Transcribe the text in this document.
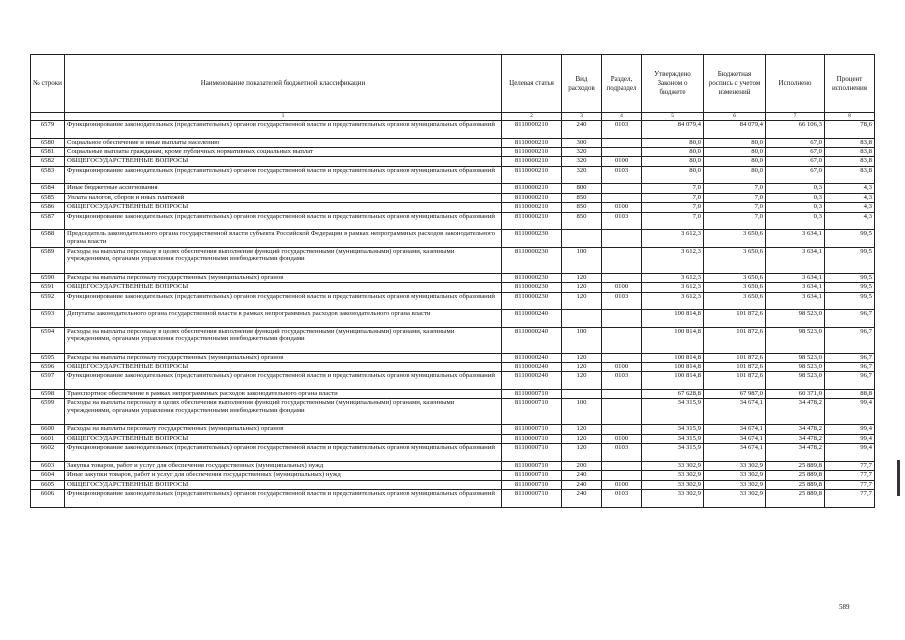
№ строки	Наименование показателей бюджетной классификации	Целевая статья	Вид расходов	Раздел, подраздел	Утверждено Законом о бюджете	Бюджетная роспись с учетом изменений	Исполнено	Процент исполнения
	1	2	3	4	5	6	7	8
6579	Функционирование законодательных (представительных) органов государственной власти и представительных органов муниципальных образований	8110000210	240	0103	84 079,4	84 079,4	66 106,3	78,6
6580	Социальное обеспечение и иные выплаты населению	8110000210	300		80,0	80,0	67,0	83,8
6581	Социальные выплаты гражданам, кроме публичных нормативных социальных выплат	8110000210	320		80,0	80,0	67,0	83,8
6582	ОБЩЕГОСУДАРСТВЕННЫЕ ВОПРОСЫ	8110000210	320	0100	80,0	80,0	67,0	83,8
6583	Функционирование законодательных (представительных) органов государственной власти и представительных органов муниципальных образований	8110000210	320	0103	80,0	80,0	67,0	83,8
6584	Иные бюджетные ассигнования	8110000210	800		7,0	7,0	0,3	4,3
6585	Уплата налогов, сборов и иных платежей	8110000210	850		7,0	7,0	0,3	4,3
6586	ОБЩЕГОСУДАРСТВЕННЫЕ ВОПРОСЫ	8110000210	850	0100	7,0	7,0	0,3	4,3
6587	Функционирование законодательных (представительных) органов государственной власти и представительных органов муниципальных образований	8110000210	850	0103	7,0	7,0	0,3	4,3
6588	Председатель законодательного органа государственной власти субъекта Российской Федерации в рамках непрограммных расходов законодательного органа власти	8110000230			3 612,3	3 650,6	3 634,1	99,5
6589	Расходы на выплаты персоналу в целях обеспечения выполнения функций государственными (муниципальными) органами, казенными учреждениями, органами управления государственными внебюджетными фондами	8110000230	100		3 612,3	3 650,6	3 634,1	99,5
6590	Расходы на выплаты персоналу государственных (муниципальных) органов	8110000230	120		3 612,3	3 650,6	3 634,1	99,5
6591	ОБЩЕГОСУДАРСТВЕННЫЕ ВОПРОСЫ	8110000230	120	0100	3 612,3	3 650,6	3 634,1	99,5
6592	Функционирование законодательных (представительных) органов государственной власти и представительных органов муниципальных образований	8110000230	120	0103	3 612,3	3 650,6	3 634,1	99,5
6593	Депутаты законодательного органа государственной власти в рамках непрограммных расходов законодательного органа власти	8110000240			100 814,8	101 872,6	98 523,0	96,7
6594	Расходы на выплаты персоналу в целях обеспечения выполнения функций государственными (муниципальными) органами, казенными учреждениями, органами управления государственными внебюджетными фондами	8110000240	100		100 814,8	101 872,6	98 523,0	96,7
6595	Расходы на выплаты персоналу государственных (муниципальных) органов	8110000240	120		100 814,8	101 872,6	98 523,0	96,7
6596	ОБЩЕГОСУДАРСТВЕННЫЕ ВОПРОСЫ	8110000240	120	0100	100 814,8	101 872,6	98 523,0	96,7
6597	Функционирование законодательных (представительных) органов государственной власти и представительных органов муниципальных образований	8110000240	120	0103	100 814,8	101 872,6	98 523,0	96,7
6598	Транспортное обеспечение в рамках непрограммных расходов законодательного органа власти	8110000710			67 628,8	67 987,0	60 371,0	88,8
6599	Расходы на выплаты персоналу в целях обеспечения выполнения функций государственными (муниципальными) органами, казенными учреждениями, органами управления государственными внебюджетными фондами	8110000710	100		34 315,9	34 674,1	34 478,2	99,4
6600	Расходы на выплаты персоналу государственных (муниципальных) органов	8110000710	120		34 315,9	34 674,1	34 478,2	99,4
6601	ОБЩЕГОСУДАРСТВЕННЫЕ ВОПРОСЫ	8110000710	120	0100	34 315,9	34 674,1	34 478,2	99,4
6602	Функционирование законодательных (представительных) органов государственной власти и представительных органов муниципальных образований	8110000710	120	0103	34 315,9	34 674,1	34 478,2	99,4
6603	Закупка товаров, работ и услуг для обеспечения государственных (муниципальных) нужд	8110000710	200		33 302,9	33 302,9	25 889,8	77,7
6604	Иные закупки товаров, работ и услуг для обеспечения государственных (муниципальных) нужд	8110000710	240		33 302,9	33 302,9	25 889,8	77,7
6605	ОБЩЕГОСУДАРСТВЕННЫЕ ВОПРОСЫ	8110000710	240	0100	33 302,9	33 302,9	25 889,8	77,7
6606	Функционирование законодательных (представительных) органов государственной власти и представительных органов муниципальных образований	8110000710	240	0103	33 302,9	33 302,9	25 889,8	77,7
589
